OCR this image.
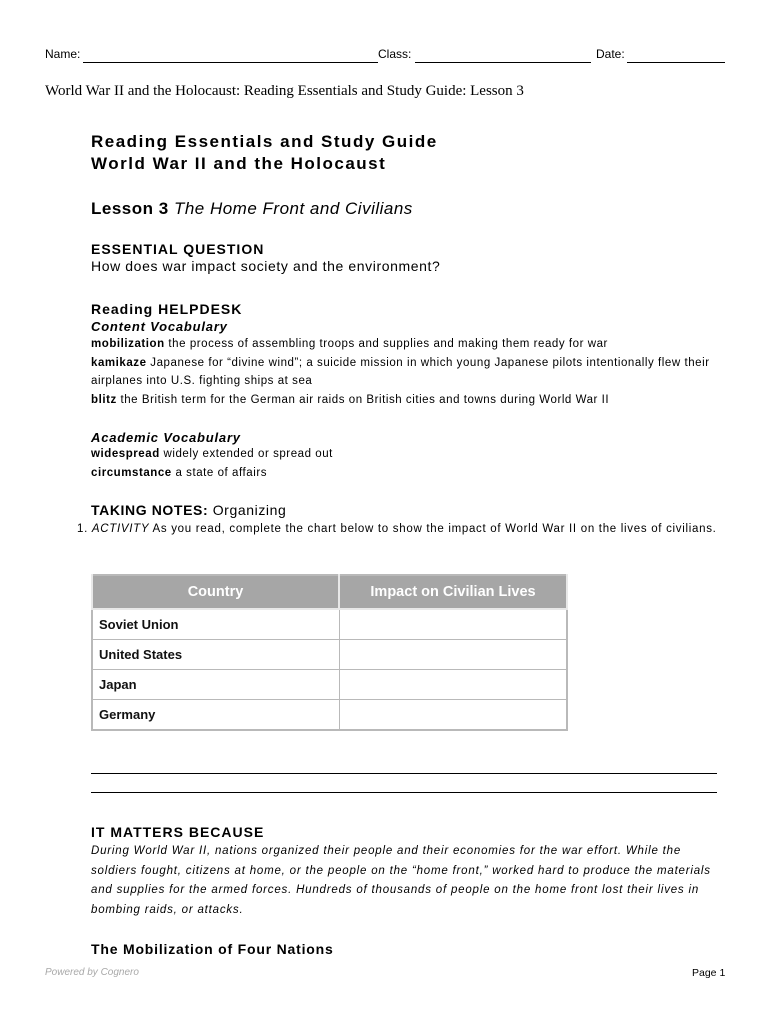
Name:	Class:	Date:
World War II and the Holocaust: Reading Essentials and Study Guide: Lesson 3
Reading Essentials and Study Guide
World War II and the Holocaust
Lesson 3 The Home Front and Civilians
ESSENTIAL QUESTION
How does war impact society and the environment?
Reading HELPDESK
Content Vocabulary
mobilization the process of assembling troops and supplies and making them ready for war
kamikaze Japanese for “divine wind”; a suicide mission in which young Japanese pilots intentionally flew their airplanes into U.S. fighting ships at sea
blitz the British term for the German air raids on British cities and towns during World War II
Academic Vocabulary
widespread widely extended or spread out
circumstance a state of affairs
TAKING NOTES: Organizing
1. ACTIVITY As you read, complete the chart below to show the impact of World War II on the lives of civilians.
Country	Impact on Civilian Lives
Soviet Union	
United States	
Japan	
Germany	
IT MATTERS BECAUSE
During World War II, nations organized their people and their economies for the war effort. While the soldiers fought, citizens at home, or the people on the “home front,” worked hard to produce the materials and supplies for the armed forces. Hundreds of thousands of people on the home front lost their lives in bombing raids, or attacks.
The Mobilization of Four Nations
Powered by Cognero	Page 1
